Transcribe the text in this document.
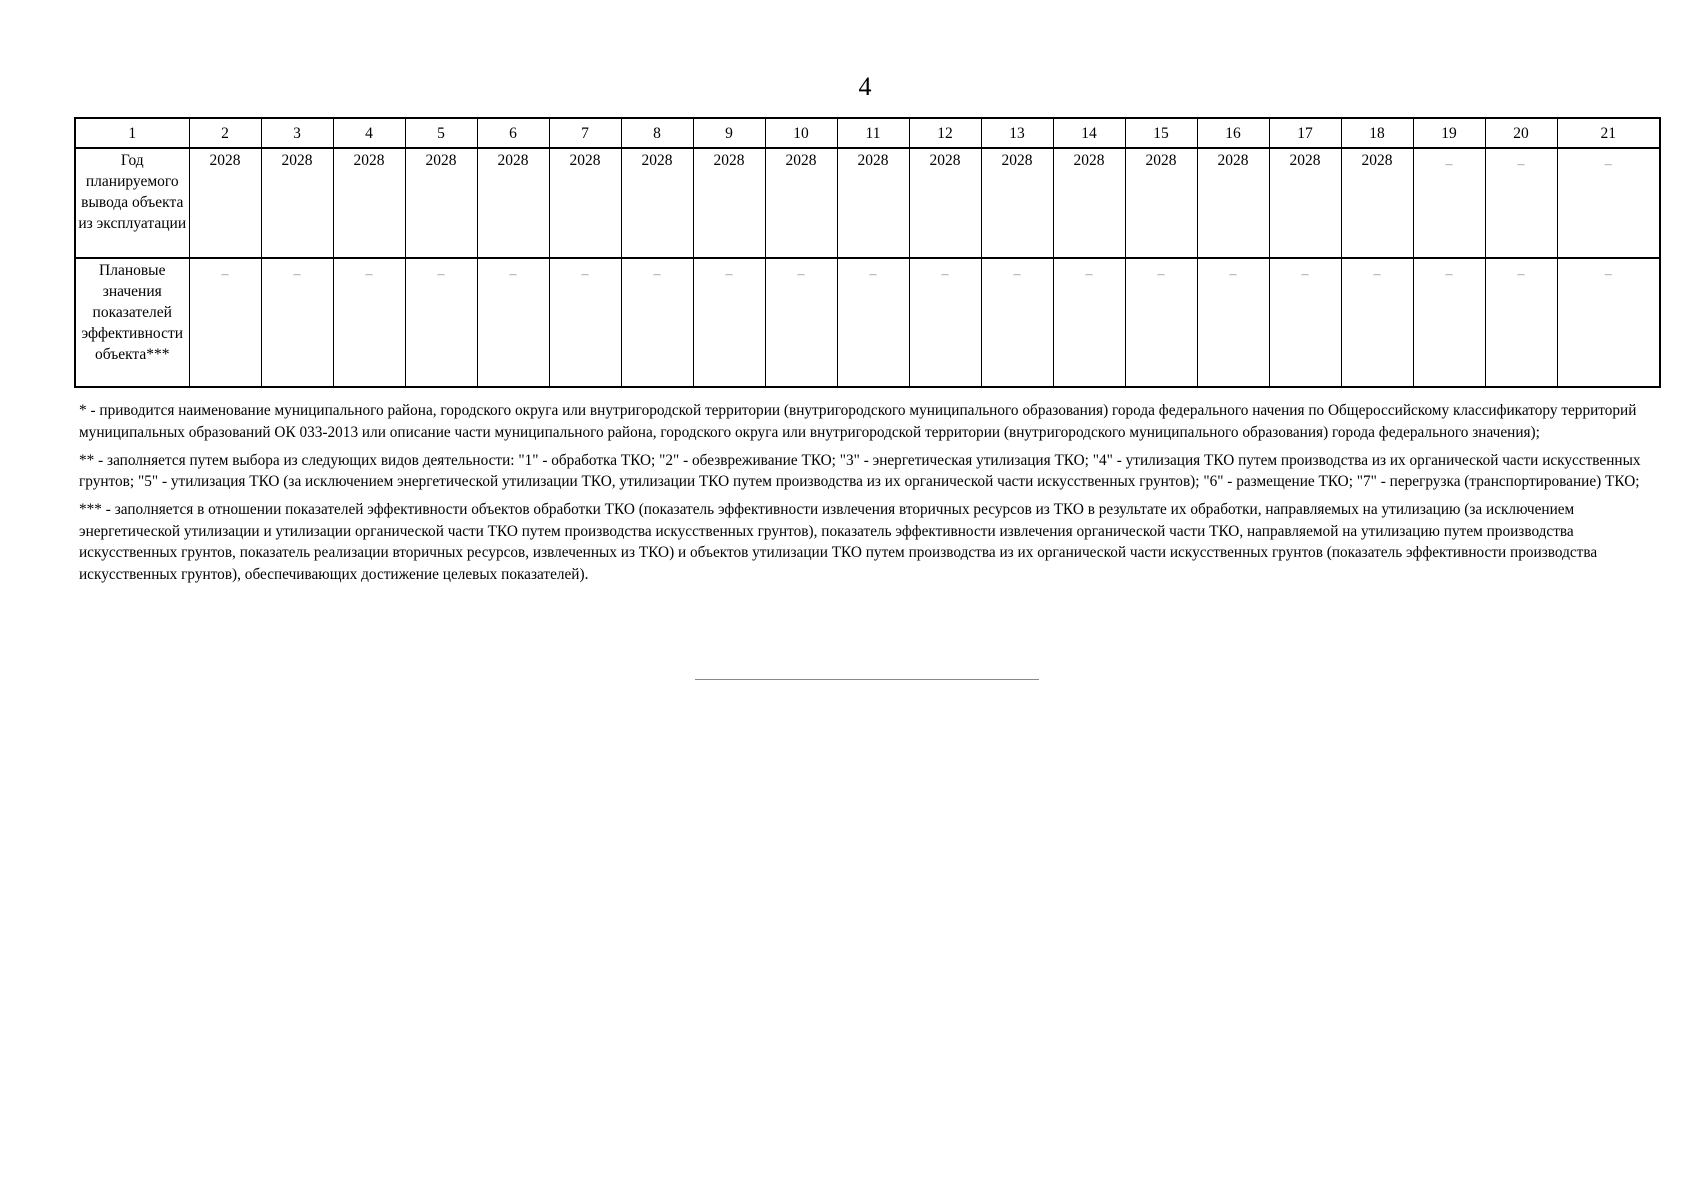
4
1	2	3	4	5	6	7	8	9	10	11	12	13	14	15	16	17	18	19	20	21
Год планируемого вывода объекта из эксплуатации	2028	2028	2028	2028	2028	2028	2028	2028	2028	2028	2028	2028	2028	2028	2028	2028	2028	–	–	–
Плановые значения показателей эффективности объекта***	–	–	–	–	–	–	–	–	–	–	–	–	–	–	–	–	–	–	–	–

* - приводится наименование муниципального района, городского округа или внутригородской территории (внутригородского муниципального образования) города федерального начения по Общероссийскому классификатору территорий муниципальных образований ОК 033-2013 или описание части муниципального района, городского округа или внутригородской территории (внутригородского муниципального образования) города федерального значения);

** - заполняется путем выбора из следующих видов деятельности: "1" - обработка ТКО; "2" - обезвреживание ТКО; "3" - энергетическая утилизация ТКО; "4" - утилизация ТКО путем производства из их органической части искусственных грунтов; "5" - утилизация ТКО (за исключением энергетической утилизации ТКО, утилизации ТКО путем производства из их органической части искусственных грунтов); "6" - размещение ТКО; "7" - перегрузка (транспортирование) ТКО;

*** - заполняется в отношении показателей эффективности объектов обработки ТКО (показатель эффективности извлечения вторичных ресурсов из ТКО в результате их обработки, направляемых на утилизацию (за исключением энергетической утилизации и утилизации органической части ТКО путем производства искусственных грунтов), показатель эффективности извлечения органической части ТКО, направляемой на утилизацию путем производства искусственных грунтов, показатель реализации вторичных ресурсов, извлеченных из ТКО) и объектов утилизации ТКО путем производства из их органической части искусственных грунтов (показатель эффективности производства искусственных грунтов), обеспечивающих достижение целевых показателей).
